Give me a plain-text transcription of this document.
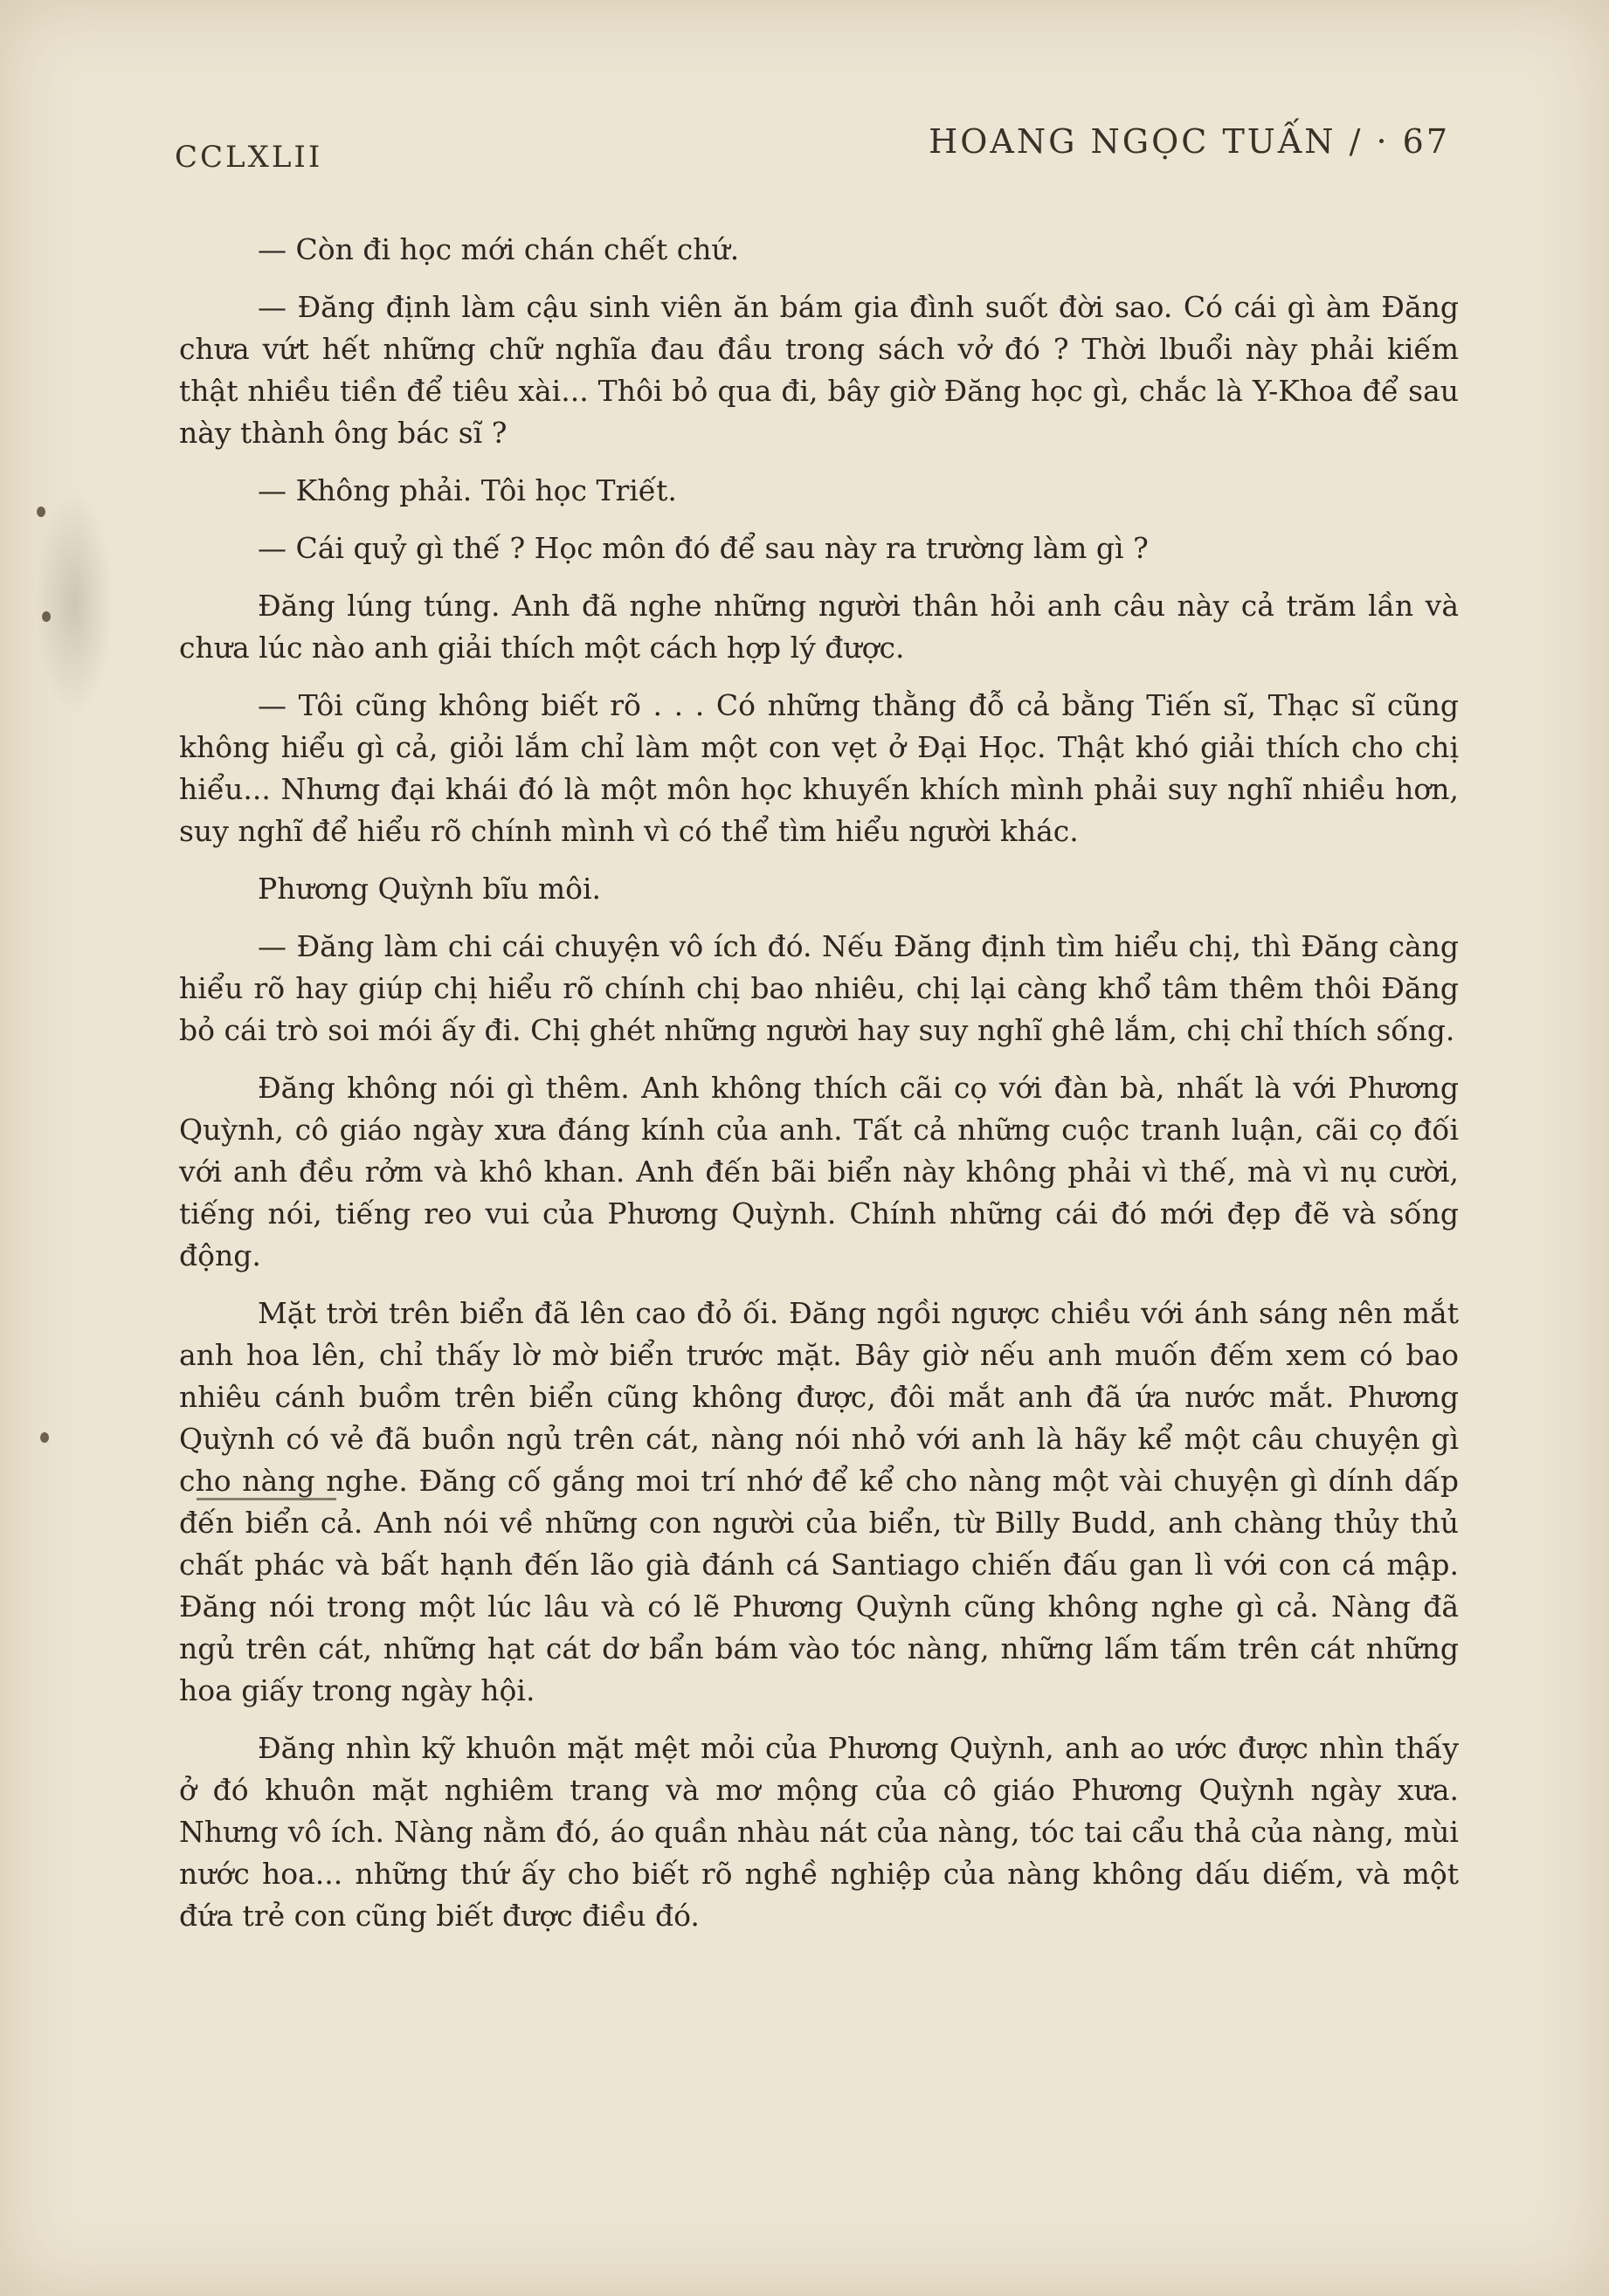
CCLXLII	HOANG NGỌC TUẤN / · 67

— Còn đi học mới chán chết chứ.

— Đăng định làm cậu sinh viên ăn bám gia đình suốt đời sao. Có cái gì àm Đăng chưa vứt hết những chữ nghĩa đau đầu trong sách vở đó ? Thời lbuổi này phải kiếm thật nhiều tiền để tiêu xài... Thôi bỏ qua đi, bây giờ Đăng học gì, chắc là Y-Khoa để sau này thành ông bác sĩ ?

— Không phải. Tôi học Triết.

— Cái quỷ gì thế ? Học môn đó để sau này ra trường làm gì ?

Đăng lúng túng. Anh đã nghe những người thân hỏi anh câu này cả trăm lần và chưa lúc nào anh giải thích một cách hợp lý được.

— Tôi cũng không biết rõ . . . Có những thằng đỗ cả bằng Tiến sĩ, Thạc sĩ cũng không hiểu gì cả, giỏi lắm chỉ làm một con vẹt ở Đại Học. Thật khó giải thích cho chị hiểu... Nhưng đại khái đó là một môn học khuyến khích mình phải suy nghĩ nhiều hơn, suy nghĩ để hiểu rõ chính mình vì có thể tìm hiểu người khác.

Phương Quỳnh bĩu môi.

— Đăng làm chi cái chuyện vô ích đó. Nếu Đăng định tìm hiểu chị, thì Đăng càng hiểu rõ hay giúp chị hiểu rõ chính chị bao nhiêu, chị lại càng khổ tâm thêm thôi Đăng bỏ cái trò soi mói ấy đi. Chị ghét những người hay suy nghĩ ghê lắm, chị chỉ thích sống.

Đăng không nói gì thêm. Anh không thích cãi cọ với đàn bà, nhất là với Phương Quỳnh, cô giáo ngày xưa đáng kính của anh. Tất cả những cuộc tranh luận, cãi cọ đối với anh đều rởm và khô khan. Anh đến bãi biển này không phải vì thế, mà vì nụ cười, tiếng nói, tiếng reo vui của Phương Quỳnh. Chính những cái đó mới đẹp đẽ và sống động.

Mặt trời trên biển đã lên cao đỏ ối. Đăng ngồi ngược chiều với ánh sáng nên mắt anh hoa lên, chỉ thấy lờ mờ biển trước mặt. Bây giờ nếu anh muốn đếm xem có bao nhiêu cánh buồm trên biển cũng không được, đôi mắt anh đã ứa nước mắt. Phương Quỳnh có vẻ đã buồn ngủ trên cát, nàng nói nhỏ với anh là hãy kể một câu chuyện gì cho nàng nghe. Đăng cố gắng moi trí nhớ để kể cho nàng một vài chuyện gì dính dấp đến biển cả. Anh nói về những con người của biển, từ Billy Budd, anh chàng thủy thủ chất phác và bất hạnh đến lão già đánh cá Santiago chiến đấu gan lì với con cá mập. Đăng nói trong một lúc lâu và có lẽ Phương Quỳnh cũng không nghe gì cả. Nàng đã ngủ trên cát, những hạt cát dơ bẩn bám vào tóc nàng, những lấm tấm trên cát những hoa giấy trong ngày hội.

Đăng nhìn kỹ khuôn mặt mệt mỏi của Phương Quỳnh, anh ao ước được nhìn thấy ở đó khuôn mặt nghiêm trang và mơ mộng của cô giáo Phương Quỳnh ngày xưa. Nhưng vô ích. Nàng nằm đó, áo quần nhàu nát của nàng, tóc tai cẩu thả của nàng, mùi nước hoa... những thứ ấy cho biết rõ nghề nghiệp của nàng không dấu diếm, và một đứa trẻ con cũng biết được điều đó.
